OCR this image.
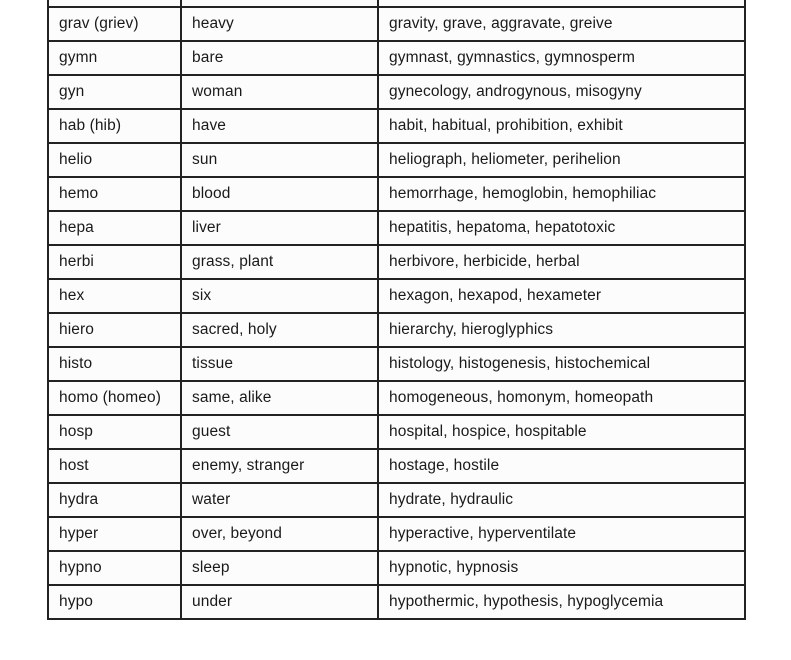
grav (griev)	heavy	gravity, grave, aggravate, greive
gymn	bare	gymnast, gymnastics, gymnosperm
gyn	woman	gynecology, androgynous, misogyny
hab (hib)	have	habit, habitual, prohibition, exhibit
helio	sun	heliograph, heliometer, perihelion
hemo	blood	hemorrhage, hemoglobin, hemophiliac
hepa	liver	hepatitis, hepatoma, hepatotoxic
herbi	grass, plant	herbivore, herbicide, herbal
hex	six	hexagon, hexapod, hexameter
hiero	sacred, holy	hierarchy, hieroglyphics
histo	tissue	histology, histogenesis, histochemical
homo (homeo)	same, alike	homogeneous, homonym, homeopath
hosp	guest	hospital, hospice, hospitable
host	enemy, stranger	hostage, hostile
hydra	water	hydrate, hydraulic
hyper	over, beyond	hyperactive, hyperventilate
hypno	sleep	hypnotic, hypnosis
hypo	under	hypothermic, hypothesis, hypoglycemia
